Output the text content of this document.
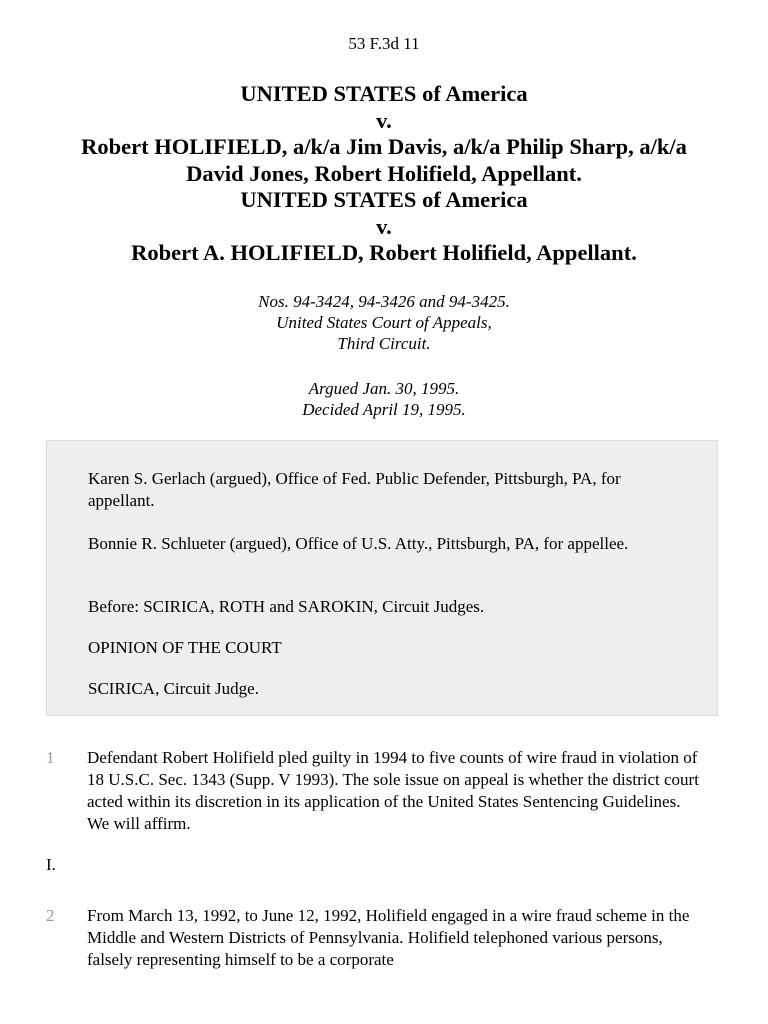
53 F.3d 11
UNITED STATES of America
v.
Robert HOLIFIELD, a/k/a Jim Davis, a/k/a Philip Sharp, a/k/a
David Jones, Robert Holifield, Appellant.
UNITED STATES of America
v.
Robert A. HOLIFIELD, Robert Holifield, Appellant.
Nos. 94-3424, 94-3426 and 94-3425.
United States Court of Appeals,
Third Circuit.
Argued Jan. 30, 1995.
Decided April 19, 1995.

Karen S. Gerlach (argued), Office of Fed. Public Defender, Pittsburgh, PA, for appellant.

Bonnie R. Schlueter (argued), Office of U.S. Atty., Pittsburgh, PA, for appellee.

Before: SCIRICA, ROTH and SAROKIN, Circuit Judges.

OPINION OF THE COURT

SCIRICA, Circuit Judge.

1 Defendant Robert Holifield pled guilty in 1994 to five counts of wire fraud in violation of 18 U.S.C. Sec. 1343 (Supp. V 1993). The sole issue on appeal is whether the district court acted within its discretion in its application of the United States Sentencing Guidelines. We will affirm.
I.
2 From March 13, 1992, to June 12, 1992, Holifield engaged in a wire fraud scheme in the Middle and Western Districts of Pennsylvania. Holifield telephoned various persons, falsely representing himself to be a corporate
